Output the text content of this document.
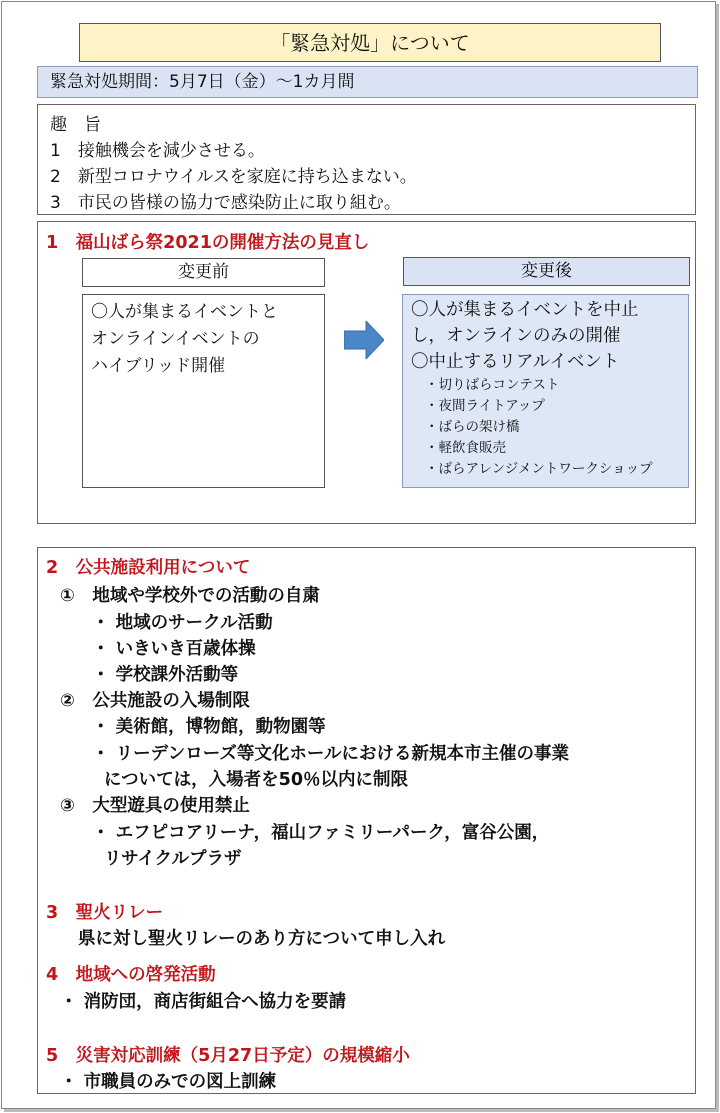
「緊急対処」について
緊急対処期間：5月7日（金）～1カ月間
趣　旨
1　接触機会を減少させる。
2　新型コロナウイルスを家庭に持ち込まない。
3　市民の皆様の協力で感染防止に取り組む。
1　福山ばら祭2021の開催方法の見直し
変更前	変更後
〇人が集まるイベントと
オンラインイベントの
ハイブリッド開催
〇人が集まるイベントを中止
し，オンラインのみの開催
〇中止するリアルイベント
・切りばらコンテスト
・夜間ライトアップ
・ばらの架け橋
・軽飲食販売
・ばらアレンジメントワークショップ
2　公共施設利用について
①　地域や学校外での活動の自粛
・ 地域のサークル活動
・ いきいき百歳体操
・ 学校課外活動等
②　公共施設の入場制限
・ 美術館，博物館，動物園等
・ リーデンローズ等文化ホールにおける新規本市主催の事業
については，入場者を50％以内に制限
③　大型遊具の使用禁止
・ エフピコアリーナ，福山ファミリーパーク，富谷公園，
リサイクルプラザ
3　聖火リレー
県に対し聖火リレーのあり方について申し入れ
4　地域への啓発活動
・ 消防団，商店街組合へ協力を要請
5　災害対応訓練（5月27日予定）の規模縮小
・ 市職員のみでの図上訓練
